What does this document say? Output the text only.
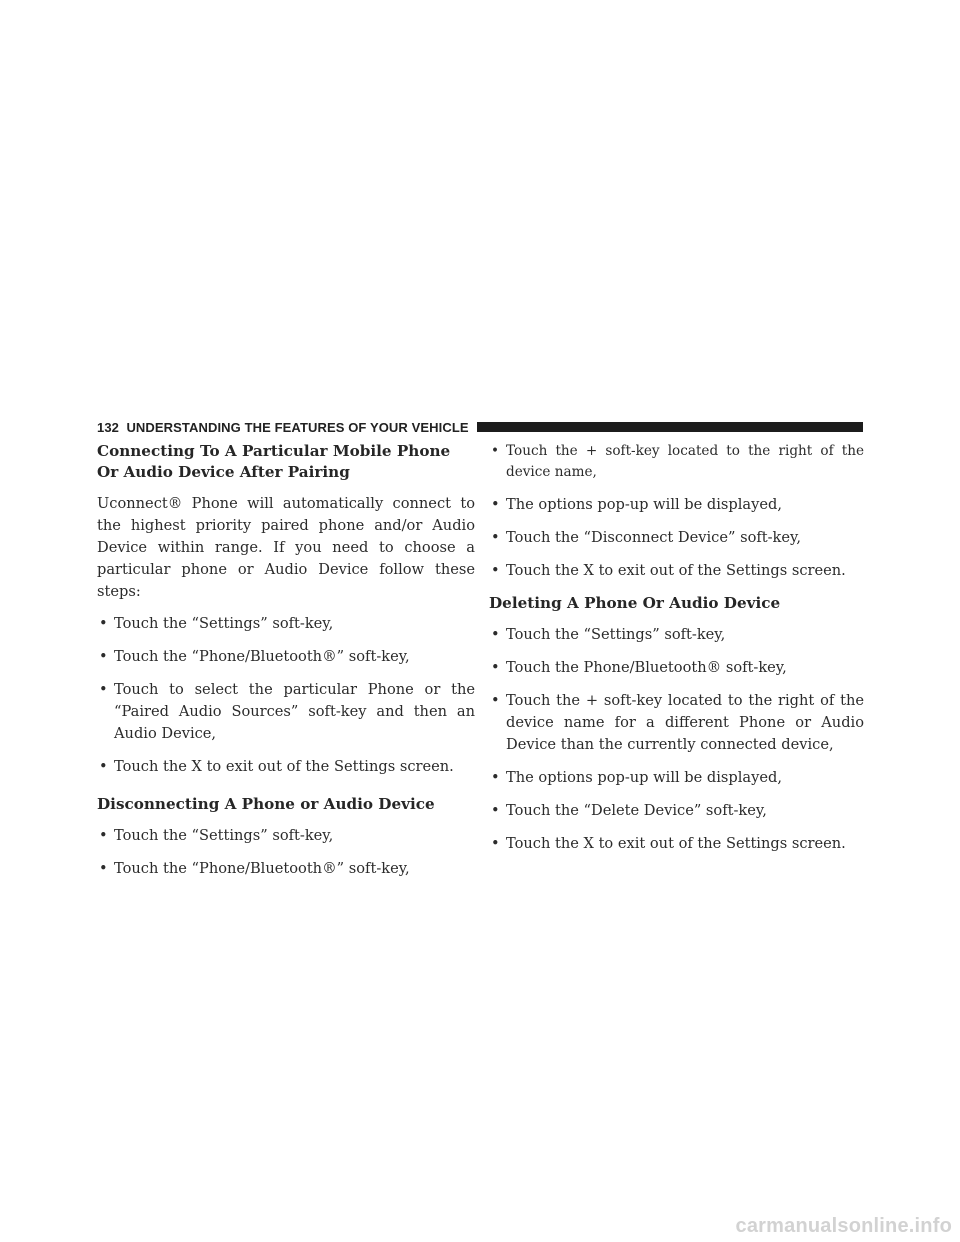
132 UNDERSTANDING THE FEATURES OF YOUR VEHICLE
Connecting To A Particular Mobile Phone Or Audio Device After Pairing

Uconnect® Phone will automatically connect to the highest priority paired phone and/or Audio Device within range. If you need to choose a particular phone or Audio Device follow these steps:

• Touch the “Settings” soft-key,
• Touch the “Phone/Bluetooth®” soft-key,
• Touch to select the particular Phone or the “Paired Audio Sources” soft-key and then an Audio Device,
• Touch the X to exit out of the Settings screen.
Disconnecting A Phone or Audio Device
• Touch the “Settings” soft-key,
• Touch the “Phone/Bluetooth®” soft-key,
• Touch the + soft-key located to the right of the device name,
• The options pop-up will be displayed,
• Touch the “Disconnect Device” soft-key,
• Touch the X to exit out of the Settings screen.
Deleting A Phone Or Audio Device
• Touch the “Settings” soft-key,
• Touch the Phone/Bluetooth® soft-key,
• Touch the + soft-key located to the right of the device name for a different Phone or Audio Device than the currently connected device,
• The options pop-up will be displayed,
• Touch the “Delete Device” soft-key,
• Touch the X to exit out of the Settings screen.
carmanualsonline.info
